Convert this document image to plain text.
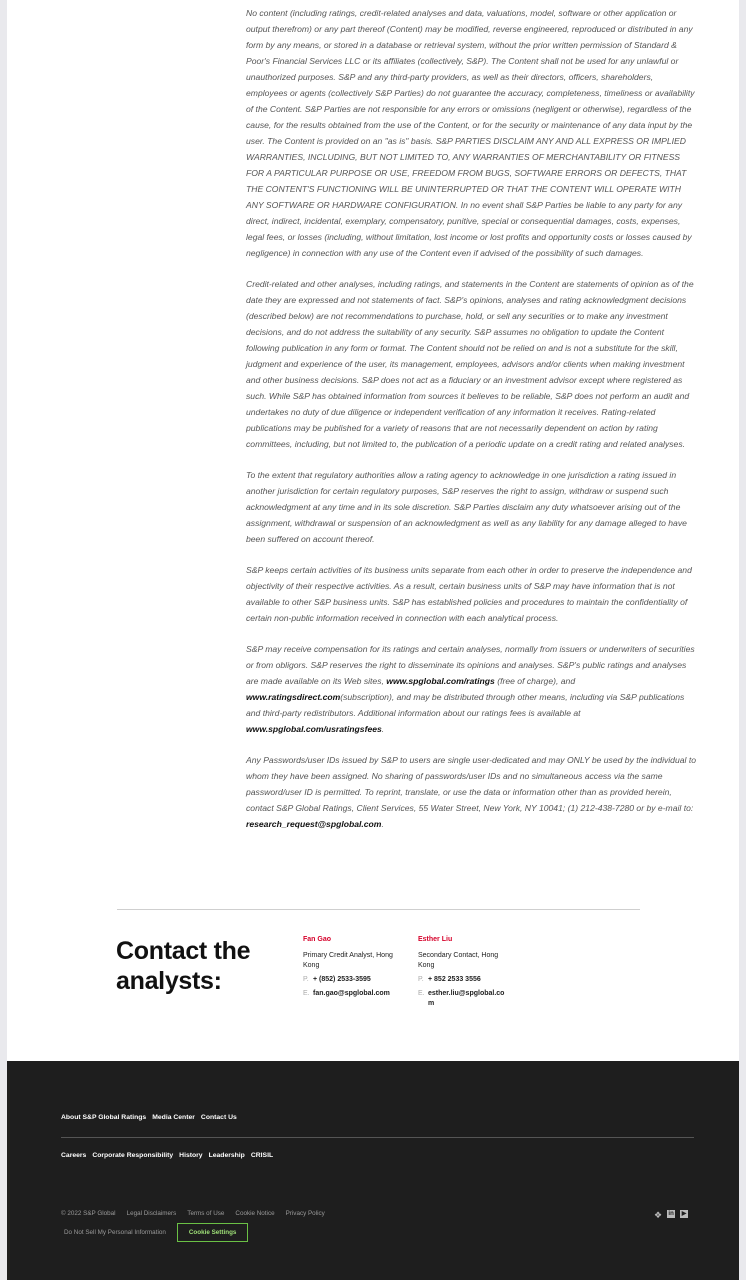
No content (including ratings, credit-related analyses and data, valuations, model, software or other application or output therefrom) or any part thereof (Content) may be modified, reverse engineered, reproduced or distributed in any form by any means, or stored in a database or retrieval system, without the prior written permission of Standard & Poor's Financial Services LLC or its affiliates (collectively, S&P). The Content shall not be used for any unlawful or unauthorized purposes. S&P and any third-party providers, as well as their directors, officers, shareholders, employees or agents (collectively S&P Parties) do not guarantee the accuracy, completeness, timeliness or availability of the Content. S&P Parties are not responsible for any errors or omissions (negligent or otherwise), regardless of the cause, for the results obtained from the use of the Content, or for the security or maintenance of any data input by the user. The Content is provided on an "as is" basis. S&P PARTIES DISCLAIM ANY AND ALL EXPRESS OR IMPLIED WARRANTIES, INCLUDING, BUT NOT LIMITED TO, ANY WARRANTIES OF MERCHANTABILITY OR FITNESS FOR A PARTICULAR PURPOSE OR USE, FREEDOM FROM BUGS, SOFTWARE ERRORS OR DEFECTS, THAT THE CONTENT'S FUNCTIONING WILL BE UNINTERRUPTED OR THAT THE CONTENT WILL OPERATE WITH ANY SOFTWARE OR HARDWARE CONFIGURATION. In no event shall S&P Parties be liable to any party for any direct, indirect, incidental, exemplary, compensatory, punitive, special or consequential damages, costs, expenses, legal fees, or losses (including, without limitation, lost income or lost profits and opportunity costs or losses caused by negligence) in connection with any use of the Content even if advised of the possibility of such damages.

Credit-related and other analyses, including ratings, and statements in the Content are statements of opinion as of the date they are expressed and not statements of fact. S&P's opinions, analyses and rating acknowledgment decisions (described below) are not recommendations to purchase, hold, or sell any securities or to make any investment decisions, and do not address the suitability of any security. S&P assumes no obligation to update the Content following publication in any form or format. The Content should not be relied on and is not a substitute for the skill, judgment and experience of the user, its management, employees, advisors and/or clients when making investment and other business decisions. S&P does not act as a fiduciary or an investment advisor except where registered as such. While S&P has obtained information from sources it believes to be reliable, S&P does not perform an audit and undertakes no duty of due diligence or independent verification of any information it receives. Rating-related publications may be published for a variety of reasons that are not necessarily dependent on action by rating committees, including, but not limited to, the publication of a periodic update on a credit rating and related analyses.

To the extent that regulatory authorities allow a rating agency to acknowledge in one jurisdiction a rating issued in another jurisdiction for certain regulatory purposes, S&P reserves the right to assign, withdraw or suspend such acknowledgment at any time and in its sole discretion. S&P Parties disclaim any duty whatsoever arising out of the assignment, withdrawal or suspension of an acknowledgment as well as any liability for any damage alleged to have been suffered on account thereof.

S&P keeps certain activities of its business units separate from each other in order to preserve the independence and objectivity of their respective activities. As a result, certain business units of S&P may have information that is not available to other S&P business units. S&P has established policies and procedures to maintain the confidentiality of certain non-public information received in connection with each analytical process.

S&P may receive compensation for its ratings and certain analyses, normally from issuers or underwriters of securities or from obligors. S&P reserves the right to disseminate its opinions and analyses. S&P's public ratings and analyses are made available on its Web sites, www.spglobal.com/ratings (free of charge), and www.ratingsdirect.com(subscription), and may be distributed through other means, including via S&P publications and third-party redistributors. Additional information about our ratings fees is available at www.spglobal.com/usratingsfees.

Any Passwords/user IDs issued by S&P to users are single user-dedicated and may ONLY be used by the individual to whom they have been assigned. No sharing of passwords/user IDs and no simultaneous access via the same password/user ID is permitted. To reprint, translate, or use the data or information other than as provided herein, contact S&P Global Ratings, Client Services, 55 Water Street, New York, NY 10041; (1) 212-438-7280 or by e-mail to: research_request@spglobal.com.

Contact the analysts:
Fan Gao
Primary Credit Analyst, Hong Kong
P. + (852) 2533-3595
E. fan.gao@spglobal.com
Esther Liu
Secondary Contact, Hong Kong
P. + 852 2533 3556
E. esther.liu@spglobal.com
About S&P Global Ratings Media Center Contact Us
Careers Corporate Responsibility History Leadership CRISIL
© 2022 S&P Global Legal Disclaimers Terms of Use Cookie Notice Privacy Policy
Do Not Sell My Personal Information	Cookie Settings
❖ in ▶
